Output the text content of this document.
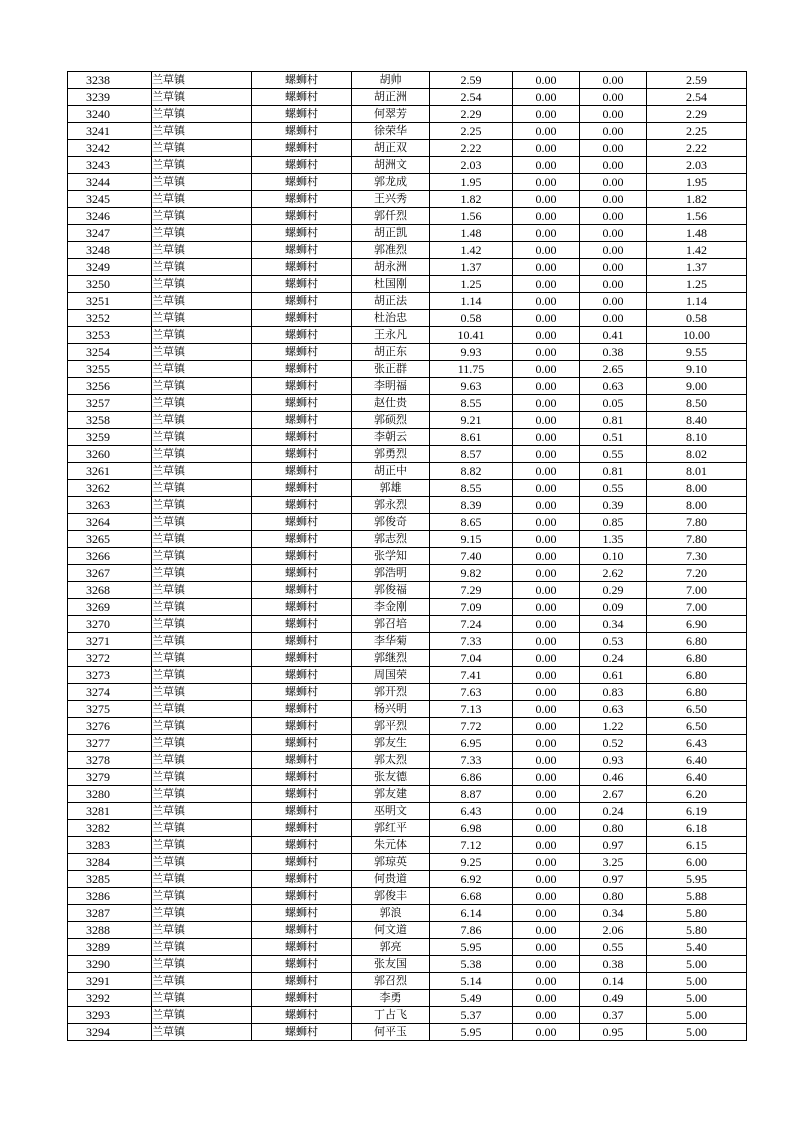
3238	兰草镇	螺蛳村	胡帅	2.59	0.00	0.00	2.59
3239	兰草镇	螺蛳村	胡正洲	2.54	0.00	0.00	2.54
3240	兰草镇	螺蛳村	何翠芳	2.29	0.00	0.00	2.29
3241	兰草镇	螺蛳村	徐荣华	2.25	0.00	0.00	2.25
3242	兰草镇	螺蛳村	胡正双	2.22	0.00	0.00	2.22
3243	兰草镇	螺蛳村	胡洲文	2.03	0.00	0.00	2.03
3244	兰草镇	螺蛳村	郭龙成	1.95	0.00	0.00	1.95
3245	兰草镇	螺蛳村	王兴秀	1.82	0.00	0.00	1.82
3246	兰草镇	螺蛳村	郭仟烈	1.56	0.00	0.00	1.56
3247	兰草镇	螺蛳村	胡正凯	1.48	0.00	0.00	1.48
3248	兰草镇	螺蛳村	郭准烈	1.42	0.00	0.00	1.42
3249	兰草镇	螺蛳村	胡永洲	1.37	0.00	0.00	1.37
3250	兰草镇	螺蛳村	杜国刚	1.25	0.00	0.00	1.25
3251	兰草镇	螺蛳村	胡正法	1.14	0.00	0.00	1.14
3252	兰草镇	螺蛳村	杜治忠	0.58	0.00	0.00	0.58
3253	兰草镇	螺蛳村	王永凡	10.41	0.00	0.41	10.00
3254	兰草镇	螺蛳村	胡正东	9.93	0.00	0.38	9.55
3255	兰草镇	螺蛳村	张正群	11.75	0.00	2.65	9.10
3256	兰草镇	螺蛳村	李明福	9.63	0.00	0.63	9.00
3257	兰草镇	螺蛳村	赵仕贵	8.55	0.00	0.05	8.50
3258	兰草镇	螺蛳村	郭硕烈	9.21	0.00	0.81	8.40
3259	兰草镇	螺蛳村	李朝云	8.61	0.00	0.51	8.10
3260	兰草镇	螺蛳村	郭勇烈	8.57	0.00	0.55	8.02
3261	兰草镇	螺蛳村	胡正中	8.82	0.00	0.81	8.01
3262	兰草镇	螺蛳村	郭雄	8.55	0.00	0.55	8.00
3263	兰草镇	螺蛳村	郭永烈	8.39	0.00	0.39	8.00
3264	兰草镇	螺蛳村	郭俊奇	8.65	0.00	0.85	7.80
3265	兰草镇	螺蛳村	郭志烈	9.15	0.00	1.35	7.80
3266	兰草镇	螺蛳村	张学知	7.40	0.00	0.10	7.30
3267	兰草镇	螺蛳村	郭浩明	9.82	0.00	2.62	7.20
3268	兰草镇	螺蛳村	郭俊福	7.29	0.00	0.29	7.00
3269	兰草镇	螺蛳村	李金刚	7.09	0.00	0.09	7.00
3270	兰草镇	螺蛳村	郭召培	7.24	0.00	0.34	6.90
3271	兰草镇	螺蛳村	李华菊	7.33	0.00	0.53	6.80
3272	兰草镇	螺蛳村	郭继烈	7.04	0.00	0.24	6.80
3273	兰草镇	螺蛳村	周国荣	7.41	0.00	0.61	6.80
3274	兰草镇	螺蛳村	郭开烈	7.63	0.00	0.83	6.80
3275	兰草镇	螺蛳村	杨兴明	7.13	0.00	0.63	6.50
3276	兰草镇	螺蛳村	郭平烈	7.72	0.00	1.22	6.50
3277	兰草镇	螺蛳村	郭友生	6.95	0.00	0.52	6.43
3278	兰草镇	螺蛳村	郭太烈	7.33	0.00	0.93	6.40
3279	兰草镇	螺蛳村	张友德	6.86	0.00	0.46	6.40
3280	兰草镇	螺蛳村	郭友建	8.87	0.00	2.67	6.20
3281	兰草镇	螺蛳村	巫明文	6.43	0.00	0.24	6.19
3282	兰草镇	螺蛳村	郭红平	6.98	0.00	0.80	6.18
3283	兰草镇	螺蛳村	朱元体	7.12	0.00	0.97	6.15
3284	兰草镇	螺蛳村	郭琼英	9.25	0.00	3.25	6.00
3285	兰草镇	螺蛳村	何贵道	6.92	0.00	0.97	5.95
3286	兰草镇	螺蛳村	郭俊丰	6.68	0.00	0.80	5.88
3287	兰草镇	螺蛳村	郭浪	6.14	0.00	0.34	5.80
3288	兰草镇	螺蛳村	何文道	7.86	0.00	2.06	5.80
3289	兰草镇	螺蛳村	郭亮	5.95	0.00	0.55	5.40
3290	兰草镇	螺蛳村	张友国	5.38	0.00	0.38	5.00
3291	兰草镇	螺蛳村	郭召烈	5.14	0.00	0.14	5.00
3292	兰草镇	螺蛳村	李勇	5.49	0.00	0.49	5.00
3293	兰草镇	螺蛳村	丁占飞	5.37	0.00	0.37	5.00
3294	兰草镇	螺蛳村	何平玉	5.95	0.00	0.95	5.00
